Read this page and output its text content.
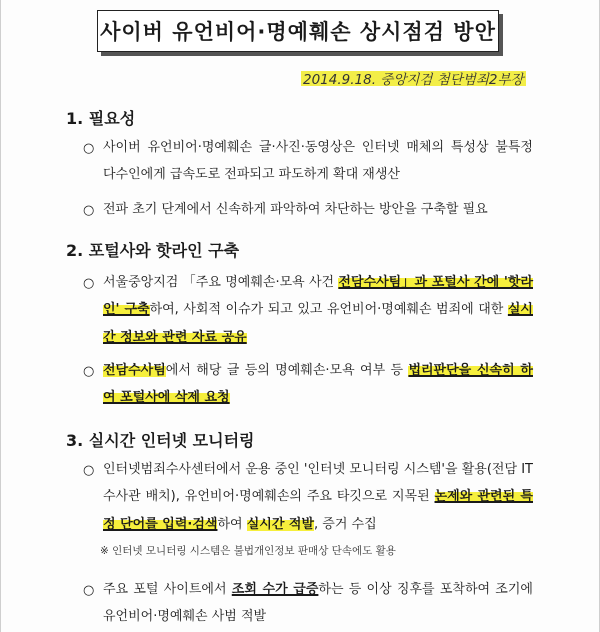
사이버 유언비어·명예훼손 상시점검 방안
2014.9.18. 중앙지검 첨단범죄2부장
1. 필요성
○ 사이버 유언비어·명예훼손 글·사진·동영상은 인터넷 매체의 특성상 불특정 다수인에게 급속도로 전파되고 파도하게 확대 재생산
○ 전파 초기 단계에서 신속하게 파악하여 차단하는 방안을 구축할 필요
2. 포털사와 핫라인 구축
○ 서울중앙지검 「주요 명예훼손·모욕 사건 전담수사팀」과 포털사 간에 '핫라인' 구축하여, 사회적 이슈가 되고 있고 유언비어·명예훼손 범죄에 대한 실시간 정보와 관련 자료 공유
○ 전담수사팀에서 해당 글 등의 명예훼손·모욕 여부 등 법리판단을 신속히 하여 포털사에 삭제 요청
3. 실시간 인터넷 모니터링
○ 인터넷범죄수사센터에서 운용 중인 '인터넷 모니터링 시스템'을 활용(전담 IT수사관 배치), 유언비어·명예훼손의 주요 타깃으로 지목된 논제와 관련된 특정 단어를 입력·검색하여 실시간 적발, 증거 수집
※ 인터넷 모니터링 시스템은 불법개인정보 판매상 단속에도 활용
○ 주요 포털 사이트에서 조회 수가 급증하는 등 이상 징후를 포착하여 조기에 유언비어·명예훼손 사범 적발
